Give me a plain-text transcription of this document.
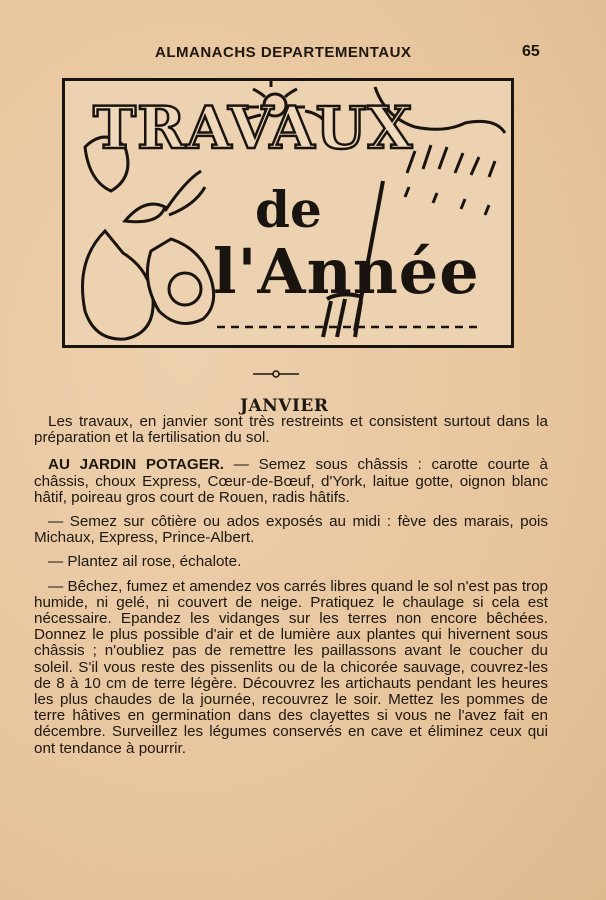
ALMANACHS DEPARTEMENTAUX	65
TRAVAUX
de
l'Année
JANVIER

Les travaux, en janvier sont très restreints et consistent surtout dans la préparation et la fertilisation du sol.

AU JARDIN POTAGER. — Semez sous châssis : carotte courte à châssis, choux Express, Cœur-de-Bœuf, d'York, laitue gotte, oignon blanc hâtif, poireau gros court de Rouen, radis hâtifs.

— Semez sur côtière ou ados exposés au midi : fève des marais, pois Michaux, Express, Prince-Albert.

— Plantez ail rose, échalote.

— Bêchez, fumez et amendez vos carrés libres quand le sol n'est pas trop humide, ni gelé, ni couvert de neige. Pratiquez le chaulage si cela est nécessaire. Epandez les vidanges sur les terres non encore bêchées. Donnez le plus possible d'air et de lumière aux plantes qui hivernent sous châssis ; n'oubliez pas de remettre les paillassons avant le coucher du soleil. S'il vous reste des pissenlits ou de la chicorée sauvage, couvrez-les de 8 à 10 cm de terre légère. Découvrez les artichauts pendant les heures les plus chaudes de la journée, recouvrez le soir. Mettez les pommes de terre hâtives en germination dans des clayettes si vous ne l'avez fait en décembre. Surveillez les légumes conservés en cave et éliminez ceux qui ont tendance à pourrir.
